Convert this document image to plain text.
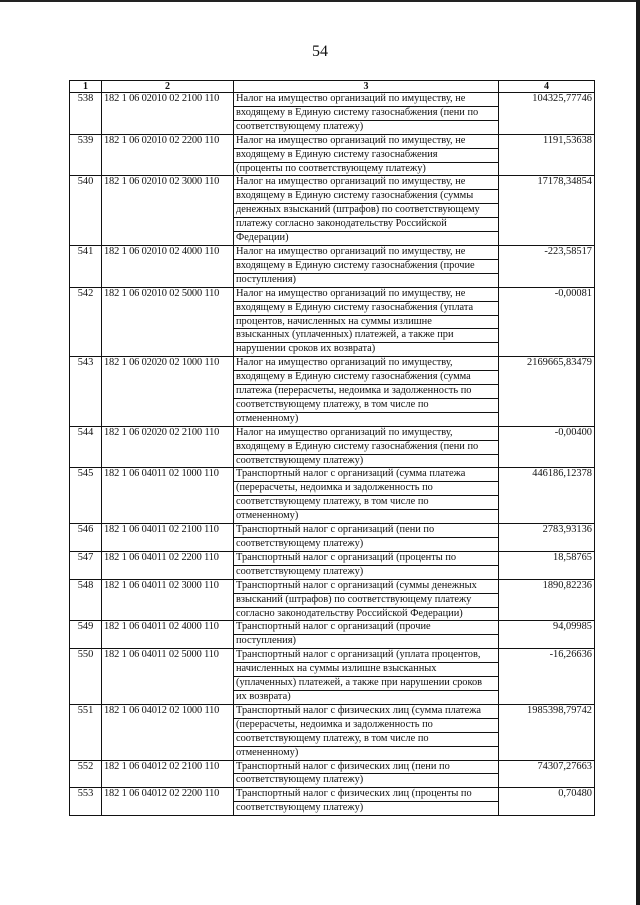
54
1	2	3	4
538	182 1 06 02010 02 2100 110	Налог на имущество организаций по имуществу, не
входящему в Единую систему газоснабжения (пени по
соответствующему платежу)	104325,77746
539	182 1 06 02010 02 2200 110	Налог на имущество организаций по имуществу, не
входящему в Единую систему газоснабжения
(проценты по соответствующему платежу)	1191,53638
540	182 1 06 02010 02 3000 110	Налог на имущество организаций по имуществу, не
входящему в Единую систему газоснабжения (суммы
денежных взысканий (штрафов) по соответствующему
платежу согласно законодательству Российской
Федерации)	17178,34854
541	182 1 06 02010 02 4000 110	Налог на имущество организаций по имуществу, не
входящему в Единую систему газоснабжения (прочие
поступления)	-223,58517
542	182 1 06 02010 02 5000 110	Налог на имущество организаций по имуществу, не
входящему в Единую систему газоснабжения (уплата
процентов, начисленных на суммы излишне
взысканных (уплаченных) платежей, а также при
нарушении сроков их возврата)	-0,00081
543	182 1 06 02020 02 1000 110	Налог на имущество организаций по имуществу,
входящему в Единую систему газоснабжения (сумма
платежа (перерасчеты, недоимка и задолженность по
соответствующему платежу, в том числе по
отмененному)	2169665,83479
544	182 1 06 02020 02 2100 110	Налог на имущество организаций по имуществу,
входящему в Единую систему газоснабжения (пени по
соответствующему платежу)	-0,00400
545	182 1 06 04011 02 1000 110	Транспортный налог с организаций (сумма платежа
(перерасчеты, недоимка и задолженность по
соответствующему платежу, в том числе по
отмененному)	446186,12378
546	182 1 06 04011 02 2100 110	Транспортный налог с организаций (пени по
соответствующему платежу)	2783,93136
547	182 1 06 04011 02 2200 110	Транспортный налог с организаций (проценты по
соответствующему платежу)	18,58765
548	182 1 06 04011 02 3000 110	Транспортный налог с организаций (суммы денежных
взысканий (штрафов) по соответствующему платежу
согласно законодательству Российской Федерации)	1890,82236
549	182 1 06 04011 02 4000 110	Транспортный налог с организаций (прочие
поступления)	94,09985
550	182 1 06 04011 02 5000 110	Транспортный налог с организаций (уплата процентов,
начисленных на суммы излишне взысканных
(уплаченных) платежей, а также при нарушении сроков
их возврата)	-16,26636
551	182 1 06 04012 02 1000 110	Транспортный налог с физических лиц (сумма платежа
(перерасчеты, недоимка и задолженность по
соответствующему платежу, в том числе по
отмененному)	1985398,79742
552	182 1 06 04012 02 2100 110	Транспортный налог с физических лиц (пени по
соответствующему платежу)	74307,27663
553	182 1 06 04012 02 2200 110	Транспортный налог с физических лиц (проценты по
соответствующему платежу)	0,70480
